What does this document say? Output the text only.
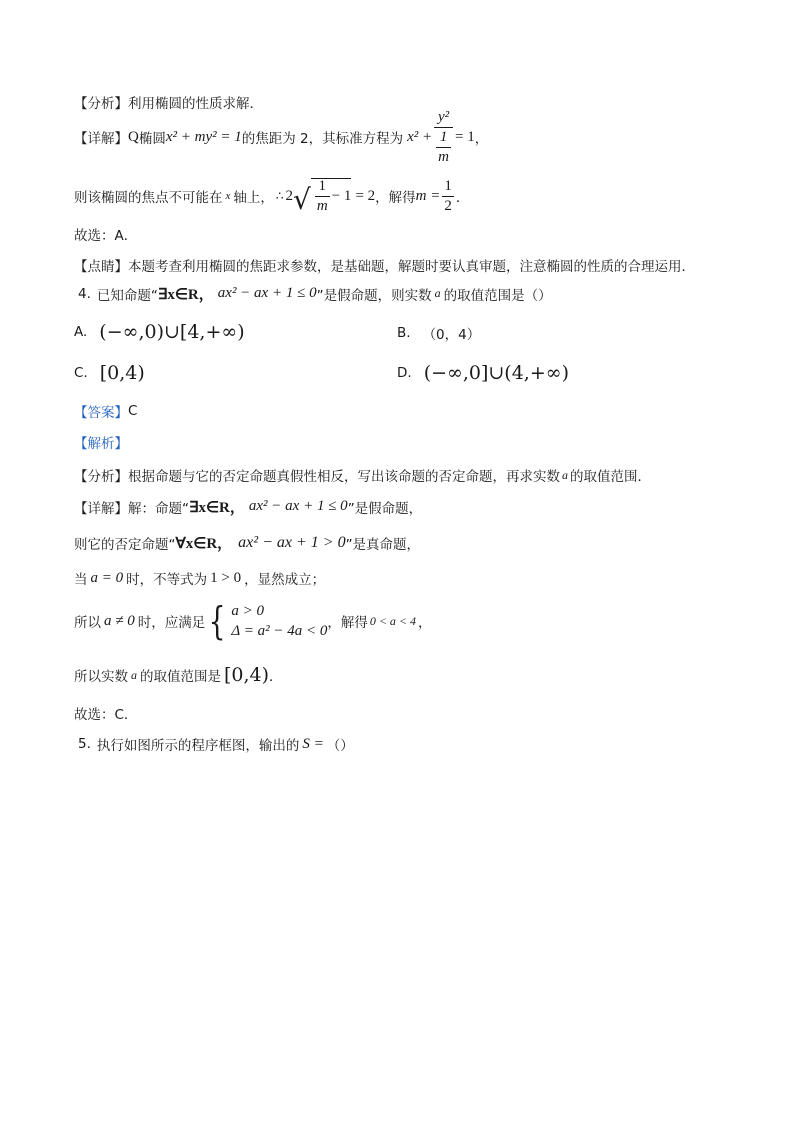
【分析】 利用椭圆的性质求解．
【详解】 Q 椭圆 x² + my² = 1 的焦距为 2，其标准方程为 $x^2 + \frac{\text{y²}}{\frac{1}{m}} = 1$ ，
则该椭圆的焦点不可能在 x 轴上， ∴ 2 √ $\frac{1}{m} - 1 = 2$ ，解得 $m = \frac{1}{2}$ ．
故选：A．
【点睛】 本题考查利用椭圆的焦距求参数，是基础题，解题时要认真审题，注意椭圆的性质的合理运用．
4. 已知命题“ ∃x∈R， ax² − ax + 1 ≤ 0 ”是假命题，则实数 a 的取值范围是（）
A. (−∞,0)∪[4,+∞)	B. （0，4）
C. [0,4)	D. (−∞,0]∪(4,+∞)
【答案】 C
【解析】
【分析】 根据命题与它的否定命题真假性相反，写出该命题的否定命题，再求实数 a 的取值范围．
【详解】 解：命题“ ∃x∈R， ax² − ax + 1 ≤ 0 ”是假命题，
则它的否定命题“ ∀x∈R， ax² − ax + 1 > 0 ”是真命题，
当 a = 0 时，不等式为 1 > 0 ，显然成立；
所以 a ≠ 0 时，应满足 { a > 0
Δ = a² − 4a < 0 ，解得 0 < a < 4 ，
所以实数 a 的取值范围是 [0,4) ．
故选：C．
5. 执行如图所示的程序框图，输出的 S = （）
